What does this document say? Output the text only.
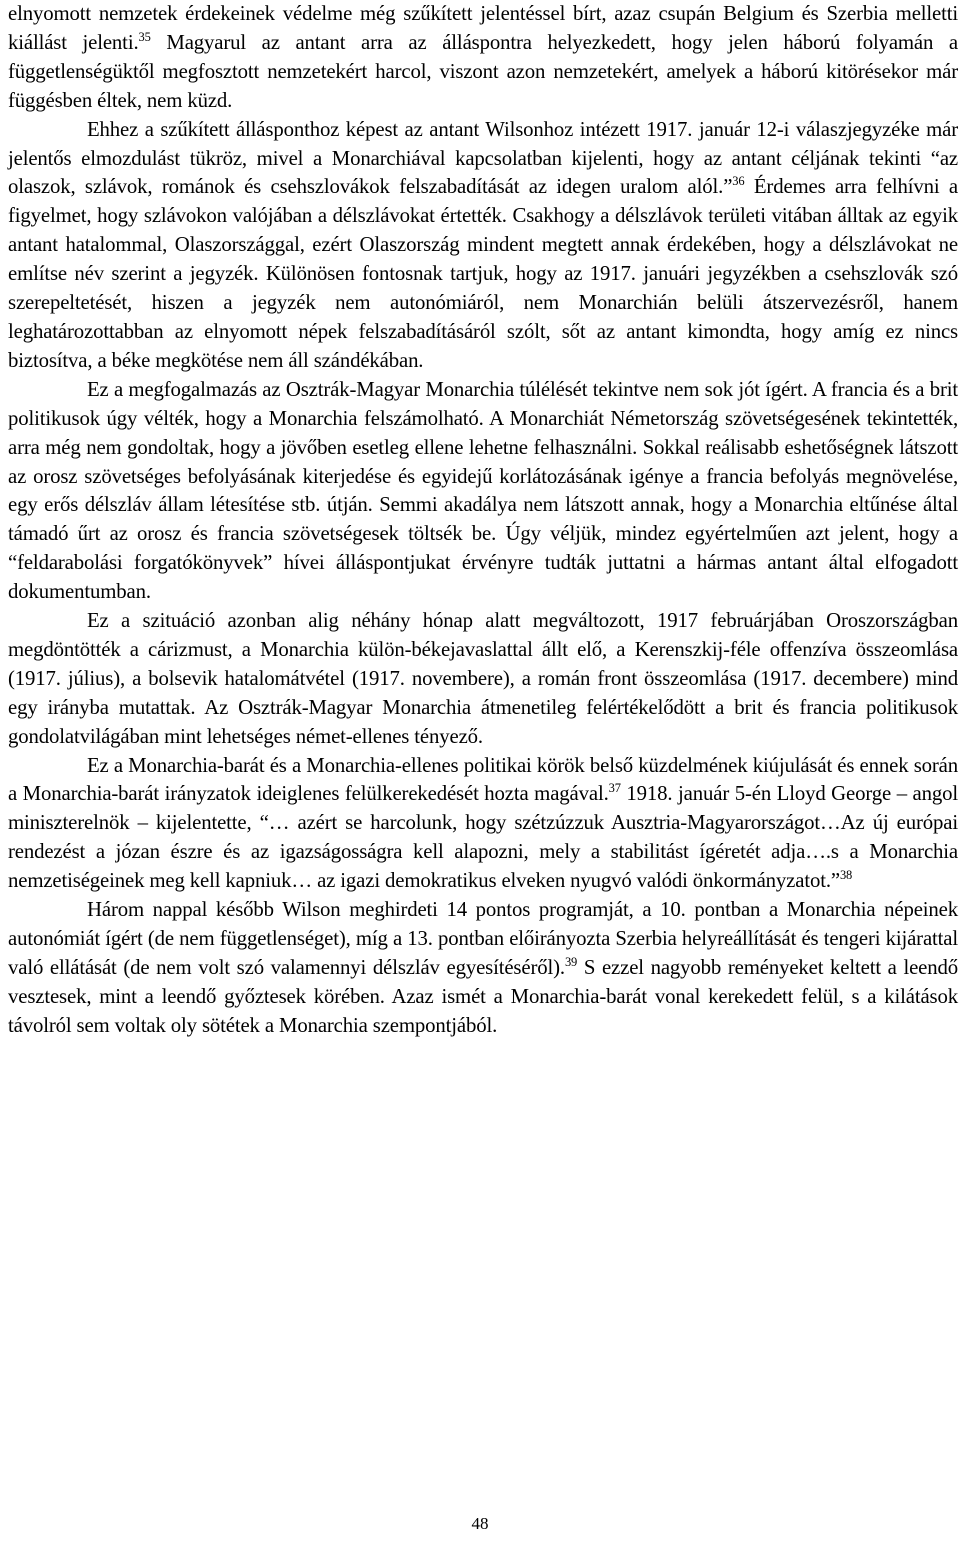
elnyomott nemzetek érdekeinek védelme még szűkített jelentéssel bírt, azaz csupán Belgium és Szerbia melletti kiállást jelenti.$^{35}$ Magyarul az antant arra az álláspontra helyezkedett, hogy jelen háború folyamán a függetlenségüktől megfosztott nemzetekért harcol, viszont azon nemzetekért, amelyek a háború kitörésekor már függésben éltek, nem küzd.

Ehhez a szűkített állásponthoz képest az antant Wilsonhoz intézett 1917. január 12-i válaszjegyzéke már jelentős elmozdulást tükröz, mivel a Monarchiával kapcsolatban kijelenti, hogy az antant céljának tekinti “az olaszok, szlávok, románok és csehszlovákok felszabadítását az idegen uralom alól.”$^{36}$ Érdemes arra felhívni a figyelmet, hogy szlávokon valójában a délszlávokat értették. Csakhogy a délszlávok területi vitában álltak az egyik antant hatalommal, Olaszországgal, ezért Olaszország mindent megtett annak érdekében, hogy a délszlávokat ne említse név szerint a jegyzék. Különösen fontosnak tartjuk, hogy az 1917. januári jegyzékben a csehszlovák szó szerepeltetését, hiszen a jegyzék nem autonómiáról, nem Monarchián belüli átszervezésről, hanem leghatározottabban az elnyomott népek felszabadításáról szólt, sőt az antant kimondta, hogy amíg ez nincs biztosítva, a béke megkötése nem áll szándékában.

Ez a megfogalmazás az Osztrák-Magyar Monarchia túlélését tekintve nem sok jót ígért. A francia és a brit politikusok úgy vélték, hogy a Monarchia felszámolható. A Monarchiát Németország szövetségesének tekintették, arra még nem gondoltak, hogy a jövőben esetleg ellene lehetne felhasználni. Sokkal reálisabb eshetőségnek látszott az orosz szövetséges befolyásának kiterjedése és egyidejű korlátozásának igénye a francia befolyás megnövelése, egy erős délszláv állam létesítése stb. útján. Semmi akadálya nem látszott annak, hogy a Monarchia eltűnése által támadó űrt az orosz és francia szövetségesek töltsék be. Úgy véljük, mindez egyértelműen azt jelent, hogy a “feldarabolási forgatókönyvek” hívei álláspontjukat érvényre tudták juttatni a hármas antant által elfogadott dokumentumban.

Ez a szituáció azonban alig néhány hónap alatt megváltozott, 1917 februárjában Oroszországban megdöntötték a cárizmust, a Monarchia külön-békejavaslattal állt elő, a Kerenszkij-féle offenzíva összeomlása (1917. július), a bolsevik hatalomátvétel (1917. novembere), a román front összeomlása (1917. decembere) mind egy irányba mutattak. Az Osztrák-Magyar Monarchia átmenetileg felértékelődött a brit és francia politikusok gondolatvilágában mint lehetséges német-ellenes tényező.

Ez a Monarchia-barát és a Monarchia-ellenes politikai körök belső küzdelmének kiújulását és ennek során a Monarchia-barát irányzatok ideiglenes felülkerekedését hozta magával.$^{37}$ 1918. január 5-én Lloyd George – angol miniszterelnök – kijelentette, “… azért se harcolunk, hogy szétzúzzuk Ausztria-Magyarországot…Az új európai rendezést a józan észre és az igazságosságra kell alapozni, mely a stabilitást ígéretét adja….s a Monarchia nemzetiségeinek meg kell kapniuk… az igazi demokratikus elveken nyugvó valódi önkormányzatot.”$^{38}$

Három nappal később Wilson meghirdeti 14 pontos programját, a 10. pontban a Monarchia népeinek autonómiát ígért (de nem függetlenséget), míg a 13. pontban előirányozta Szerbia helyreállítását és tengeri kijárattal való ellátását (de nem volt szó valamennyi délszláv egyesítéséről).$^{39}$ S ezzel nagyobb reményeket keltett a leendő vesztesek, mint a leendő győztesek körében. Azaz ismét a Monarchia-barát vonal kerekedett felül, s a kilátások távolról sem voltak oly sötétek a Monarchia szempontjából.

48
